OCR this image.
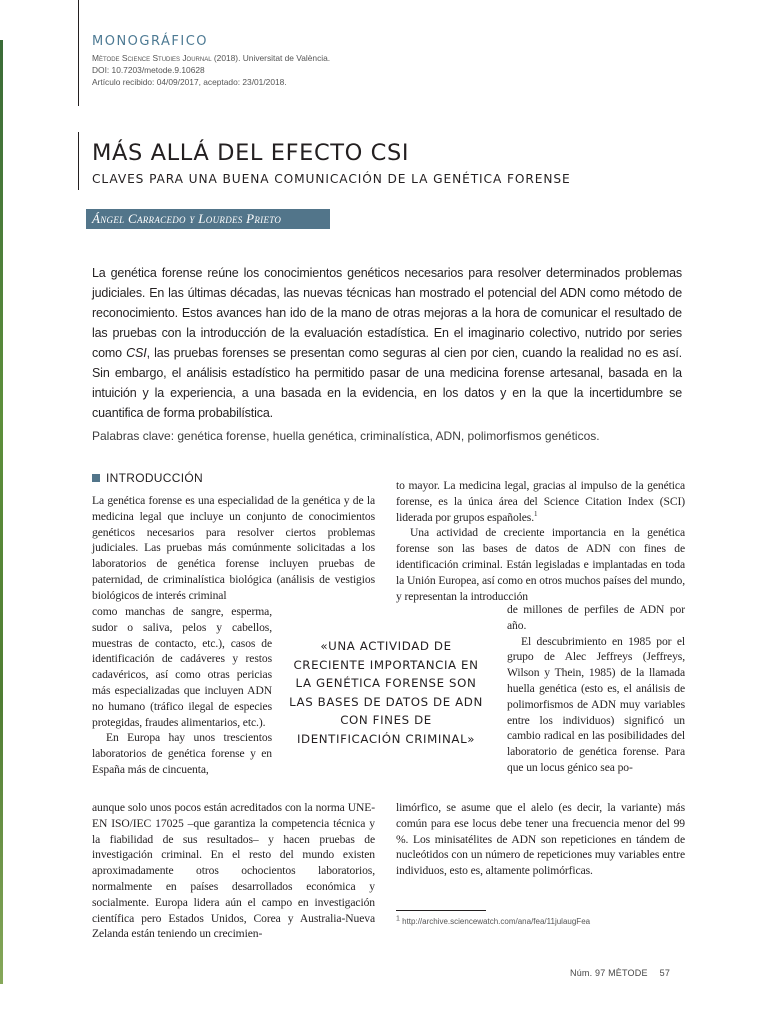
MONOGRÁFICO
Mètode Science Studies Journal (2018). Universitat de València.
DOI: 10.7203/metode.9.10628
Artículo recibido: 04/09/2017, aceptado: 23/01/2018.
MÁS ALLÁ DEL EFECTO CSI
CLAVES PARA UNA BUENA COMUNICACIÓN DE LA GENÉTICA FORENSE
Ángel Carracedo y Lourdes Prieto

La genética forense reúne los conocimientos genéticos necesarios para resolver determinados problemas judiciales. En las últimas décadas, las nuevas técnicas han mostrado el potencial del ADN como método de reconocimiento. Estos avances han ido de la mano de otras mejoras a la hora de comunicar el resultado de las pruebas con la introducción de la evaluación estadística. En el imaginario colectivo, nutrido por series como CSI, las pruebas forenses se presentan como seguras al cien por cien, cuando la realidad no es así. Sin embargo, el análisis estadístico ha permitido pasar de una medicina forense artesanal, basada en la intuición y la experiencia, a una basada en la evidencia, en los datos y en la que la incertidumbre se cuantifica de forma probabilística.

Palabras clave: genética forense, huella genética, criminalística, ADN, polimorfismos genéticos.

INTRODUCCIÓN

La genética forense es una especialidad de la genética y de la medicina legal que incluye un conjunto de conocimientos genéticos necesarios para resolver ciertos problemas judiciales. Las pruebas más comúnmente solicitadas a los laboratorios de genética forense incluyen pruebas de paternidad, de criminalística biológica (análisis de vestigios biológicos de interés criminal

como manchas de sangre, esperma, sudor o saliva, pelos y cabellos, muestras de contacto, etc.), casos de identificación de cadáveres y restos cadavéricos, así como otras pericias más especializadas que incluyen ADN no humano (tráfico ilegal de especies protegidas, fraudes alimentarios, etc.).

En Europa hay unos trescientos laboratorios de genética forense y en España más de cincuenta,

aunque solo unos pocos están acreditados con la norma UNE-EN ISO/IEC 17025 –que garantiza la competencia técnica y la fiabilidad de sus resultados– y hacen pruebas de investigación criminal. En el resto del mundo existen aproximadamente otros ochocientos laboratorios, normalmente en países desarrollados económica y socialmente. Europa lidera aún el campo en investigación científica pero Estados Unidos, Corea y Australia-Nueva Zelanda están teniendo un crecimien-

to mayor. La medicina legal, gracias al impulso de la genética forense, es la única área del Science Citation Index (SCI) liderada por grupos españoles.$^1$

Una actividad de creciente importancia en la genética forense son las bases de datos de ADN con fines de identificación criminal. Están legisladas e implantadas en toda la Unión Europea, así como en otros muchos países del mundo, y representan la introducción

de millones de perfiles de ADN por año.

El descubrimiento en 1985 por el grupo de Alec Jeffreys (Jeffreys, Wilson y Thein, 1985) de la llamada huella genética (esto es, el análisis de polimorfismos de ADN muy variables entre los individuos) significó un cambio radical en las posibilidades del laboratorio de genética forense. Para que un locus génico sea po-

limórfico, se asume que el alelo (es decir, la variante) más común para ese locus debe tener una frecuencia menor del 99 %. Los minisatélites de ADN son repeticiones en tándem de nucleótidos con un número de repeticiones muy variables entre individuos, esto es, altamente polimórficas.

«UNA ACTIVIDAD DE CRECIENTE IMPORTANCIA EN LA GENÉTICA FORENSE SON LAS BASES DE DATOS DE ADN CON FINES DE IDENTIFICACIÓN CRIMINAL»

$^1$ http://archive.sciencewatch.com/ana/fea/11julaugFea

Núm. 97 MÈTODE 57
